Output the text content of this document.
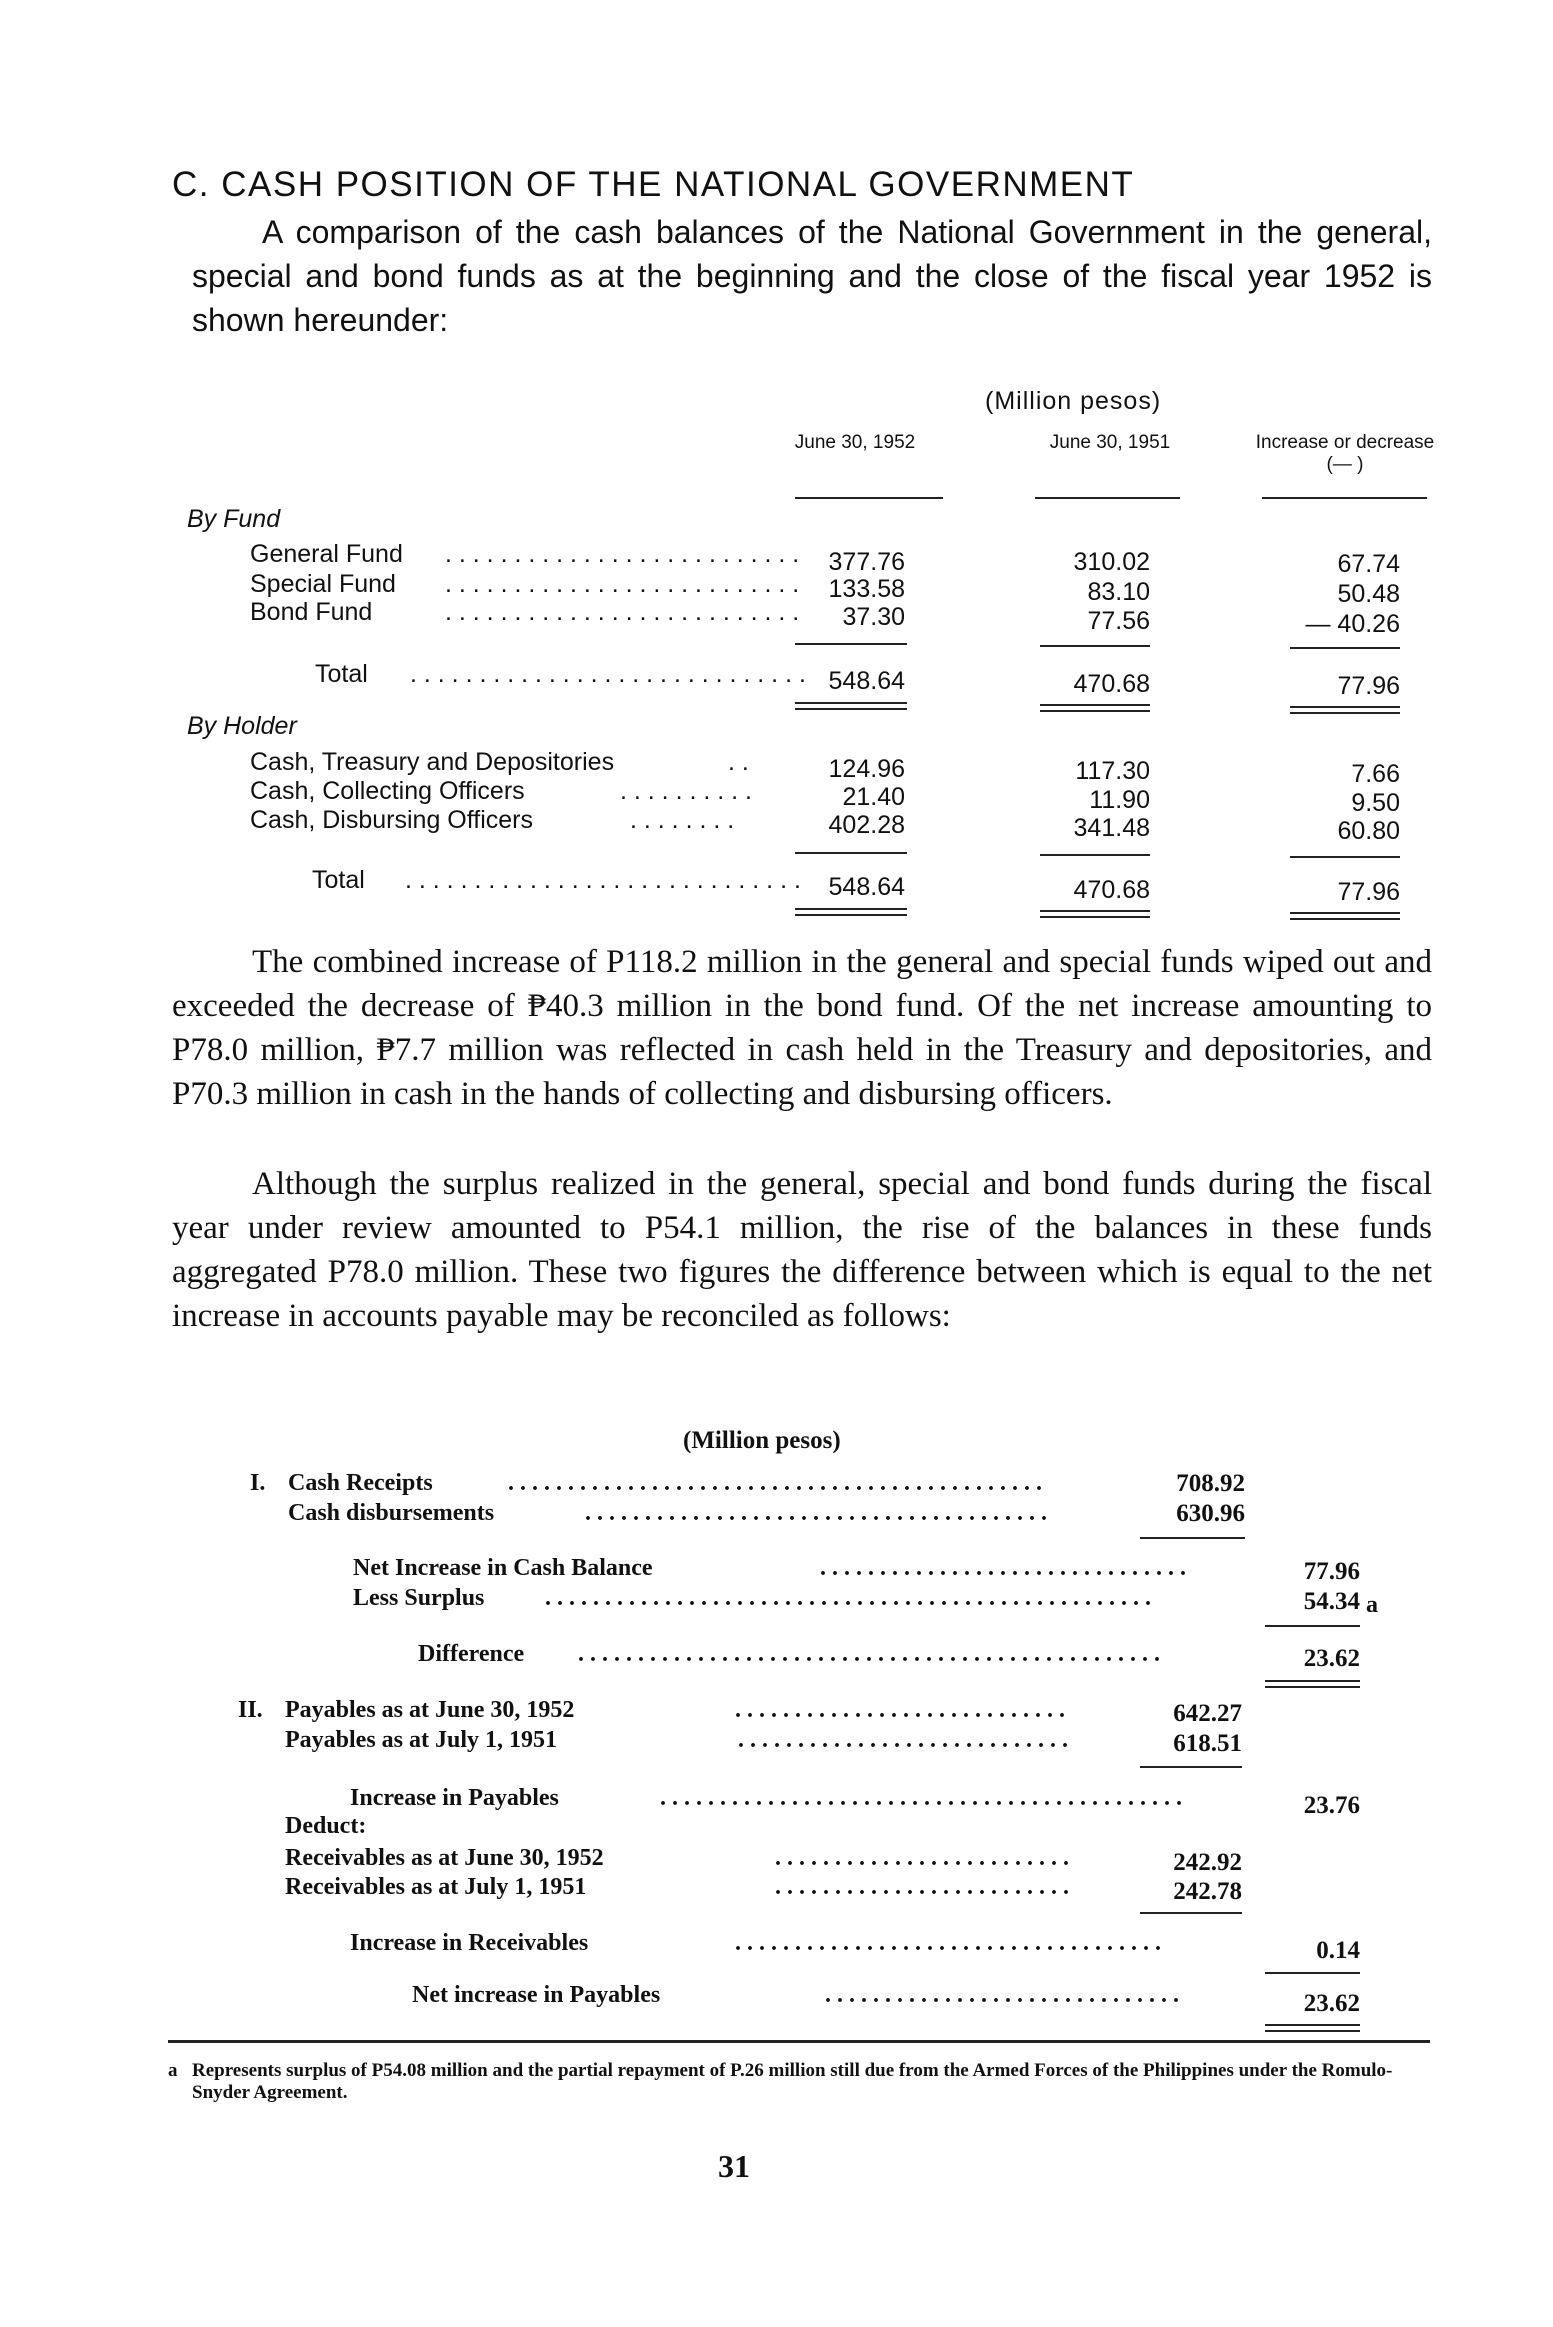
C. CASH POSITION OF THE NATIONAL GOVERNMENT
A comparison of the cash balances of the National Government in the general, special and bond funds as at the beginning and the close of the fiscal year 1952 is shown hereunder:
(Million pesos)
June 30, 1952	June 30, 1951	Increase or decrease (— )
By Fund
General Fund . . . . . . . . . . . . . . . . . . . . . . . . . .	377.76	310.02	67.74
Special Fund . . . . . . . . . . . . . . . . . . . . . . . . . .	133.58	83.10	50.48
Bond Fund	. . . . . . . . . . . . . . . . . . . . . . . . . .	37.30	77.56	— 40.26
Total . . . . . . . . . . . . . . . . . . . . . . . . . . . . . 548.64	470.68	77.96
By Holder
Cash, Treasury and Depositories	. .	124.96	117.30	7.66
Cash, Collecting Officers	. . . . . . . . . .	21.40	11.90	9.50
Cash, Disbursing Officers	. . . . . . . .	402.28	341.48	60.80
Total . . . . . . . . . . . . . . . . . . . . . . . . . . . . .	548.64	470.68	77.96
The combined increase of P118.2 million in the general and special funds wiped out and exceeded the decrease of ₱40.3 million in the bond fund. Of the net increase amounting to P78.0 million, ₱7.7 million was reflected in cash held in the Treasury and depositories, and P70.3 million in cash in the hands of collecting and disbursing officers.
Although the surplus realized in the general, special and bond funds during the fiscal year under review amounted to P54.1 million, the rise of the balances in these funds aggregated P78.0 million. These two figures the difference between which is equal to the net increase in accounts payable may be reconciled as follows:
(Million pesos)
I. Cash Receipts	. . . . . . . . . . . . . . . . . . . . . . . . . . . . . . . . . . . . . . . . . . . . .	708.92
Cash disbursements	. . . . . . . . . . . . . . . . . . . . . . . . . . . . . . . . . . . . . . .	630.96
Net Increase in Cash Balance	. . . . . . . . . . . . . . . . . . . . . . . . . . . . . . .	77.96
Less Surplus	. . . . . . . . . . . . . . . . . . . . . . . . . . . . . . . . . . . . . . . . . . . . . . . . . . .	54.34 a
Difference . . . . . . . . . . . . . . . . . . . . . . . . . . . . . . . . . . . . . . . . . . . . . . . . .	23.62
II. Payables as at June 30, 1952	. . . . . . . . . . . . . . . . . . . . . . . . . . . .	642.27
Payables as at July 1, 1951	. . . . . . . . . . . . . . . . . . . . . . . . . . . .	618.51
Increase in Payables	. . . . . . . . . . . . . . . . . . . . . . . . . . . . . . . . . . . . . . . . . . . .	23.76
Deduct:
Receivables as at June 30, 1952	. . . . . . . . . . . . . . . . . . . . . . . . .	242.92
Receivables as at July 1, 1951	. . . . . . . . . . . . . . . . . . . . . . . . .	242.78
Increase in Receivables	. . . . . . . . . . . . . . . . . . . . . . . . . . . . . . . . . . . .	0.14
Net increase in Payables	. . . . . . . . . . . . . . . . . . . . . . . . . . . . . .	23.62
a Represents surplus of P54.08 million and the partial repayment of P.26 million still due from the Armed Forces of the Philippines under the Romulo-Snyder Agreement.
31
